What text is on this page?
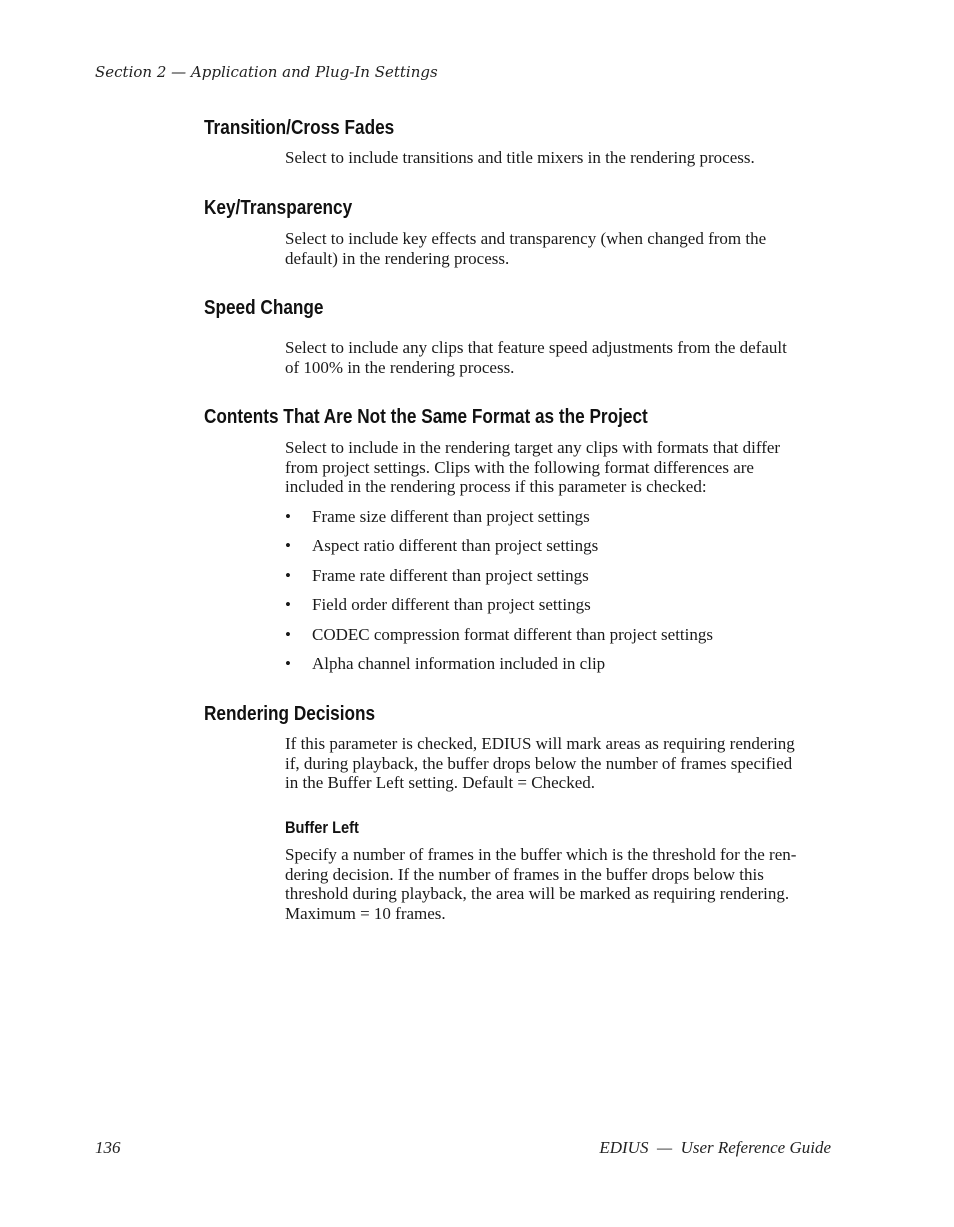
Section 2 — Application and Plug-In Settings

Transition/Cross Fades

Select to include transitions and title mixers in the rendering process.

Key/Transparency

Select to include key effects and transparency (when changed from the
default) in the rendering process.

Speed Change

Select to include any clips that feature speed adjustments from the default
of 100% in the rendering process.

Contents That Are Not the Same Format as the Project

Select to include in the rendering target any clips with formats that differ
from project settings. Clips with the following format differences are
included in the rendering process if this parameter is checked:

• Frame size different than project settings

• Aspect ratio different than project settings

• Frame rate different than project settings

• Field order different than project settings

• CODEC compression format different than project settings

• Alpha channel information included in clip

Rendering Decisions

If this parameter is checked, EDIUS will mark areas as requiring rendering
if, during playback, the buffer drops below the number of frames specified
in the Buffer Left setting. Default = Checked.

Buffer Left

Specify a number of frames in the buffer which is the threshold for the ren-
dering decision. If the number of frames in the buffer drops below this
threshold during playback, the area will be marked as requiring rendering.
Maximum = 10 frames.

136	EDIUS  —  User Reference Guide
